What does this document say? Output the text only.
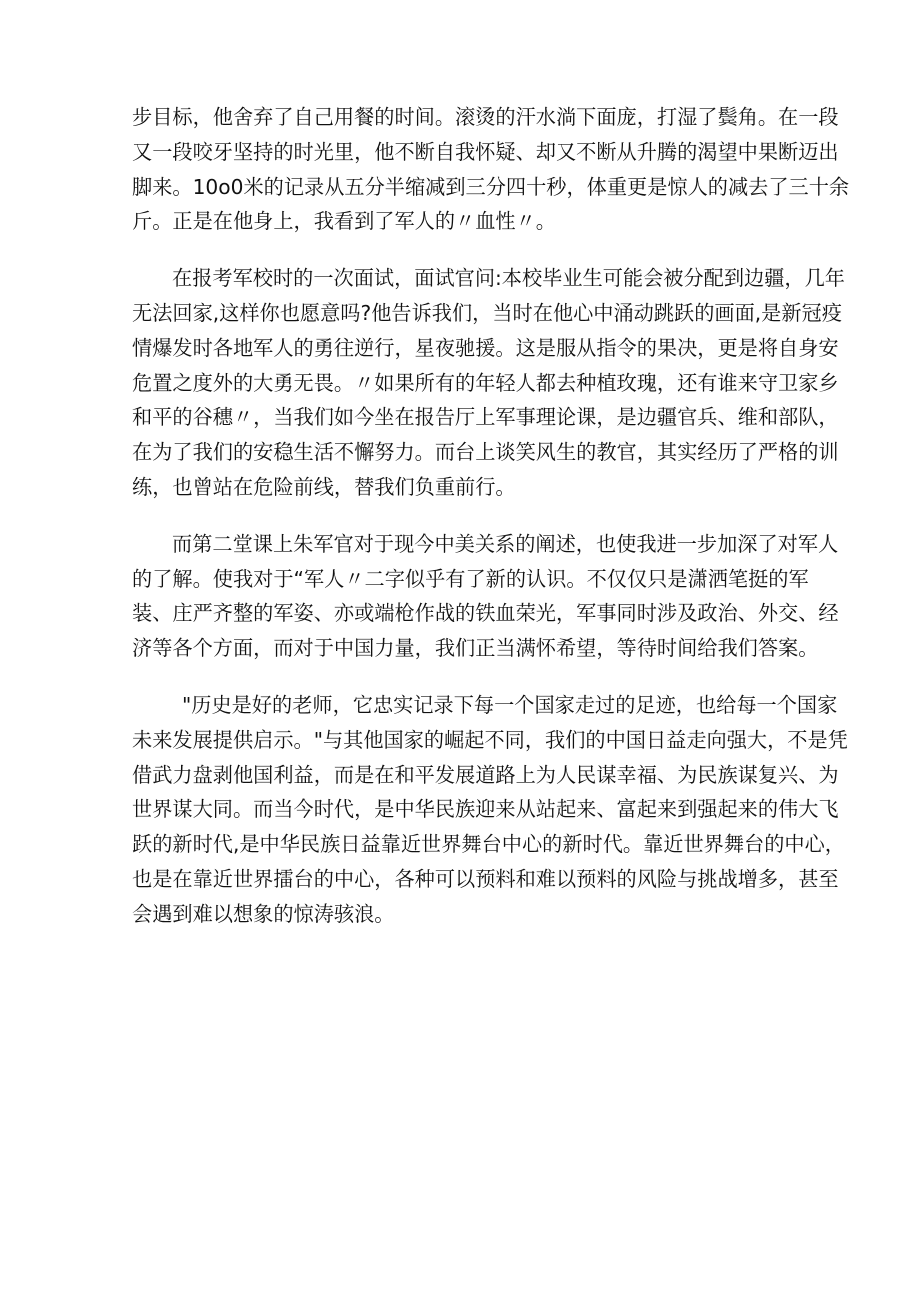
步目标，他舍弃了自己用餐的时间。滚烫的汗水淌下面庞，打湿了鬓角。在一段
又一段咬牙坚持的时光里，他不断自我怀疑、却又不断从升腾的渴望中果断迈出
脚来。10o0米的记录从五分半缩减到三分四十秒，体重更是惊人的减去了三十余
斤。正是在他身上，我看到了军人的〃血性〃。
在报考军校时的一次面试，面试官问:本校毕业生可能会被分配到边疆，几年
无法回家,这样你也愿意吗?他告诉我们，当时在他心中涌动跳跃的画面,是新冠疫
情爆发时各地军人的勇往逆行，星夜驰援。这是服从指令的果决，更是将自身安
危置之度外的大勇无畏。〃如果所有的年轻人都去种植玫瑰，还有谁来守卫家乡
和平的谷穗〃，当我们如今坐在报告厅上军事理论课，是边疆官兵、维和部队，
在为了我们的安稳生活不懈努力。而台上谈笑风生的教官，其实经历了严格的训
练，也曾站在危险前线，替我们负重前行。
而第二堂课上朱军官对于现今中美关系的阐述，也使我进一步加深了对军人
的了解。使我对于“军人〃二字似乎有了新的认识。不仅仅只是潇洒笔挺的军
装、庄严齐整的军姿、亦或端枪作战的铁血荣光，军事同时涉及政治、外交、经
济等各个方面，而对于中国力量，我们正当满怀希望，等待时间给我们答案。
"历史是好的老师，它忠实记录下每一个国家走过的足迹，也给每一个国家
未来发展提供启示。"与其他国家的崛起不同，我们的中国日益走向强大，不是凭
借武力盘剥他国利益，而是在和平发展道路上为人民谋幸福、为民族谋复兴、为
世界谋大同。而当今时代，是中华民族迎来从站起来、富起来到强起来的伟大飞
跃的新时代,是中华民族日益靠近世界舞台中心的新时代。靠近世界舞台的中心，
也是在靠近世界擂台的中心，各种可以预料和难以预料的风险与挑战增多，甚至
会遇到难以想象的惊涛骇浪。
